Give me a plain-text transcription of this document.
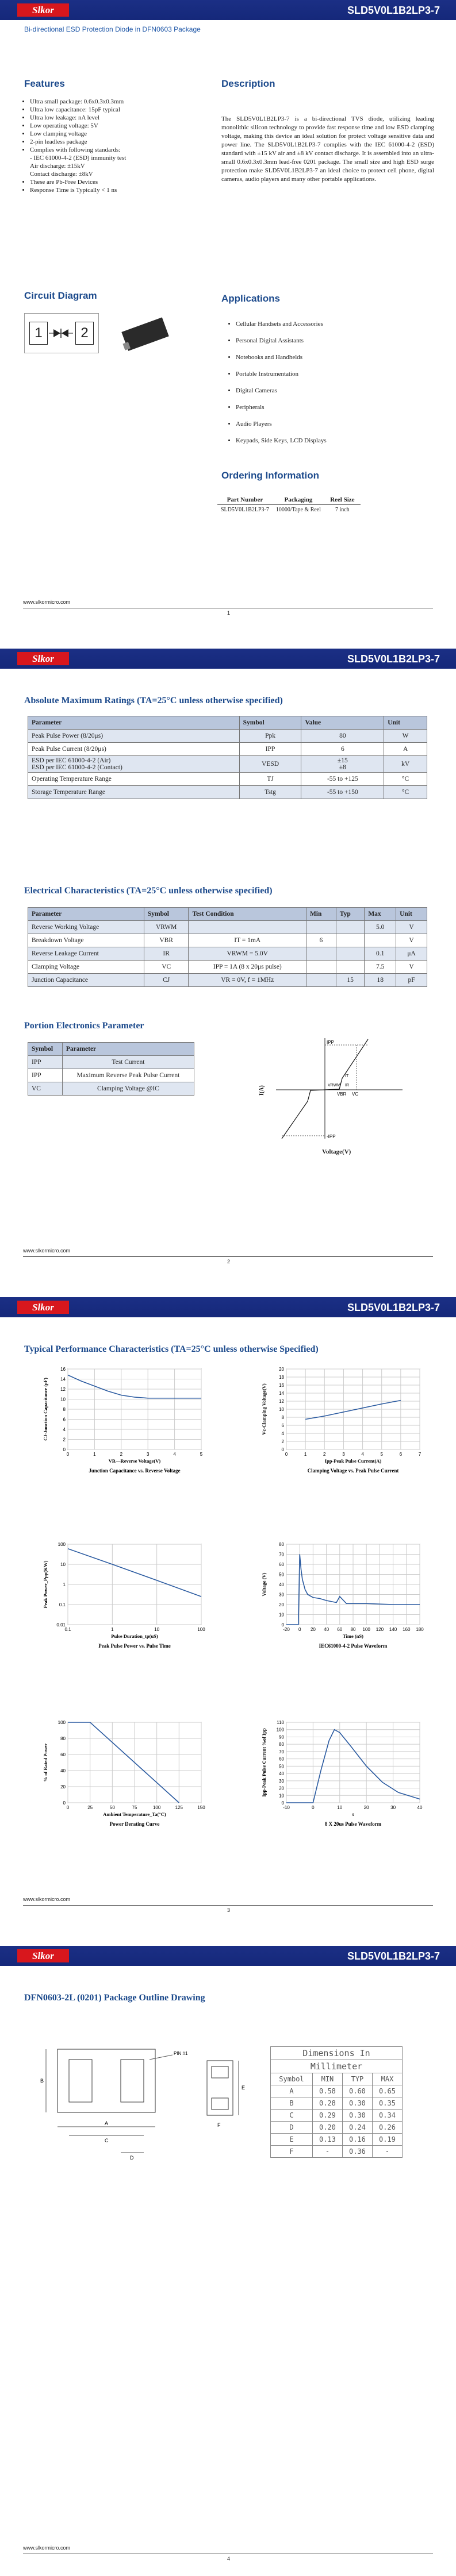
Slkor	SLD5V0L1B2LP3-7
Bi-directional ESD Protection Diode in DFN0603 Package
Features
• Ultra small package: 0.6x0.3x0.3mm
• Ultra low capacitance: 15pF typical
• Ultra low leakage: nA level
• Low operating voltage: 5V
• Low clamping voltage
• 2-pin leadless package
• Complies with following standards:
- IEC 61000-4-2 (ESD) immunity test
Air discharge: ±15kV
Contact discharge: ±8kV
• These are Pb-Free Devices
• Response Time is Typically < 1 ns
Description
The SLD5V0L1B2LP3-7 is a bi-directional TVS diode, utilizing leading monolithic silicon technology to provide fast response time and low ESD clamping voltage, making this device an ideal solution for protect voltage sensitive data and power line. The SLD5V0L1B2LP3-7 complies with the IEC 61000-4-2 (ESD) standard with ±15 kV air and ±8 kV contact discharge. It is assembled into an ultra-small 0.6x0.3x0.3mm lead-free 0201 package. The small size and high ESD surge protection make SLD5V0L1B2LP3-7 an ideal choice to protect cell phone, digital cameras, audio players and many other portable applications.
Circuit Diagram
1	2
Applications
• Cellular Handsets and Accessories
• Personal Digital Assistants
• Notebooks and Handhelds
• Portable Instrumentation
• Digital Cameras
• Peripherals
• Audio Players
• Keypads, Side Keys, LCD Displays
Ordering Information
Part Number	Packaging	Reel Size
SLD5V0L1B2LP3-7	10000/Tape & Reel	7 inch
www.slkormicro.com
1
Slkor	SLD5V0L1B2LP3-7
Absolute Maximum Ratings (TA=25°C unless otherwise specified)
Parameter	Symbol	Value	Unit
Peak Pulse Power (8/20μs)	Ppk	80	W
Peak Pulse Current (8/20μs)	IPP	6	A
ESD per IEC 61000-4-2 (Air)
ESD per IEC 61000-4-2 (Contact)	VESD	±15
±8	kV
Operating Temperature Range	TJ	-55 to +125	°C
Storage Temperature Range	Tstg	-55 to +150	°C
Electrical Characteristics (TA=25°C unless otherwise specified)
Parameter	Symbol	Test Condition	Min	Typ	Max	Unit
Reverse Working Voltage	VRWM				5.0	V
Breakdown Voltage	VBR	IT = 1mA	6			V
Reverse Leakage Current	IR	VRWM = 5.0V			0.1	μA
Clamping Voltage	VC	IPP = 1A (8 x 20μs pulse)			7.5	V
Junction Capacitance	CJ	VR = 0V, f = 1MHz		15	18	pF
Portion Electronics Parameter
Symbol	Parameter
IPP	Test Current
IPP	Maximum Reverse Peak Pulse Current
VC	Clamping Voltage @IC
IPP
-IPP
VC
VBR
VRWM IR
IT
I(A)
Voltage(V)
www.slkormicro.com
2
Slkor	SLD5V0L1B2LP3-7
Typical Performance Characteristics (TA=25°C unless otherwise Specified)
0	1	2	3	4	5
0
2
4
6
8
10
12
14
16
VR—Reverse Voltage(V)
CJ-Junction Capacitance (pF)
Junction Capacitance vs. Reverse Voltage
0	1	2	3	4	5	6	7
0
2
4
6
8
10
12
14
16
18
20
Ipp-Peak Pulse Current(A)
Vc-Clamping Voltage(V)
Clamping Voltage vs. Peak Pulse Current
0.1	1	10	100
0.01
0.1
1
10
100
Pulse Duration_tp(uS)
Peak Power_Ppp(KW)
Peak Pulse Power vs. Pulse Time
-20 0 20 40 60 80 100 120 140 160 180
0
10
20
30
40
50
60
70
80
Time (nS)
Voltage (V)
IEC61000-4-2 Pulse Waveform
0	25	50	75	100	125	150
0
20
40
60
80
100
Ambient Temperature_Ta(°C)
% of Rated Power
Power Derating Curve
-10	0	10	20	30	40
0
10
20
30
40
50
60
70
80
90
100
110
t
Ipp-Peak Pulse Current %of Ipp
8 X 20us Pulse Waveform
www.slkormicro.com
3
Slkor	SLD5V0L1B2LP3-7
DFN0603-2L (0201) Package Outline Drawing
PIN #1
A
B
C
D
E
F
Dimensions In			
Millimeter			
Symbol	MIN	TYP	MAX
A	0.58	0.60	0.65
B	0.28	0.30	0.35
C	0.29	0.30	0.34
D	0.20	0.24	0.26
E	0.13	0.16	0.19
F	-	0.36	-
www.slkormicro.com
4
